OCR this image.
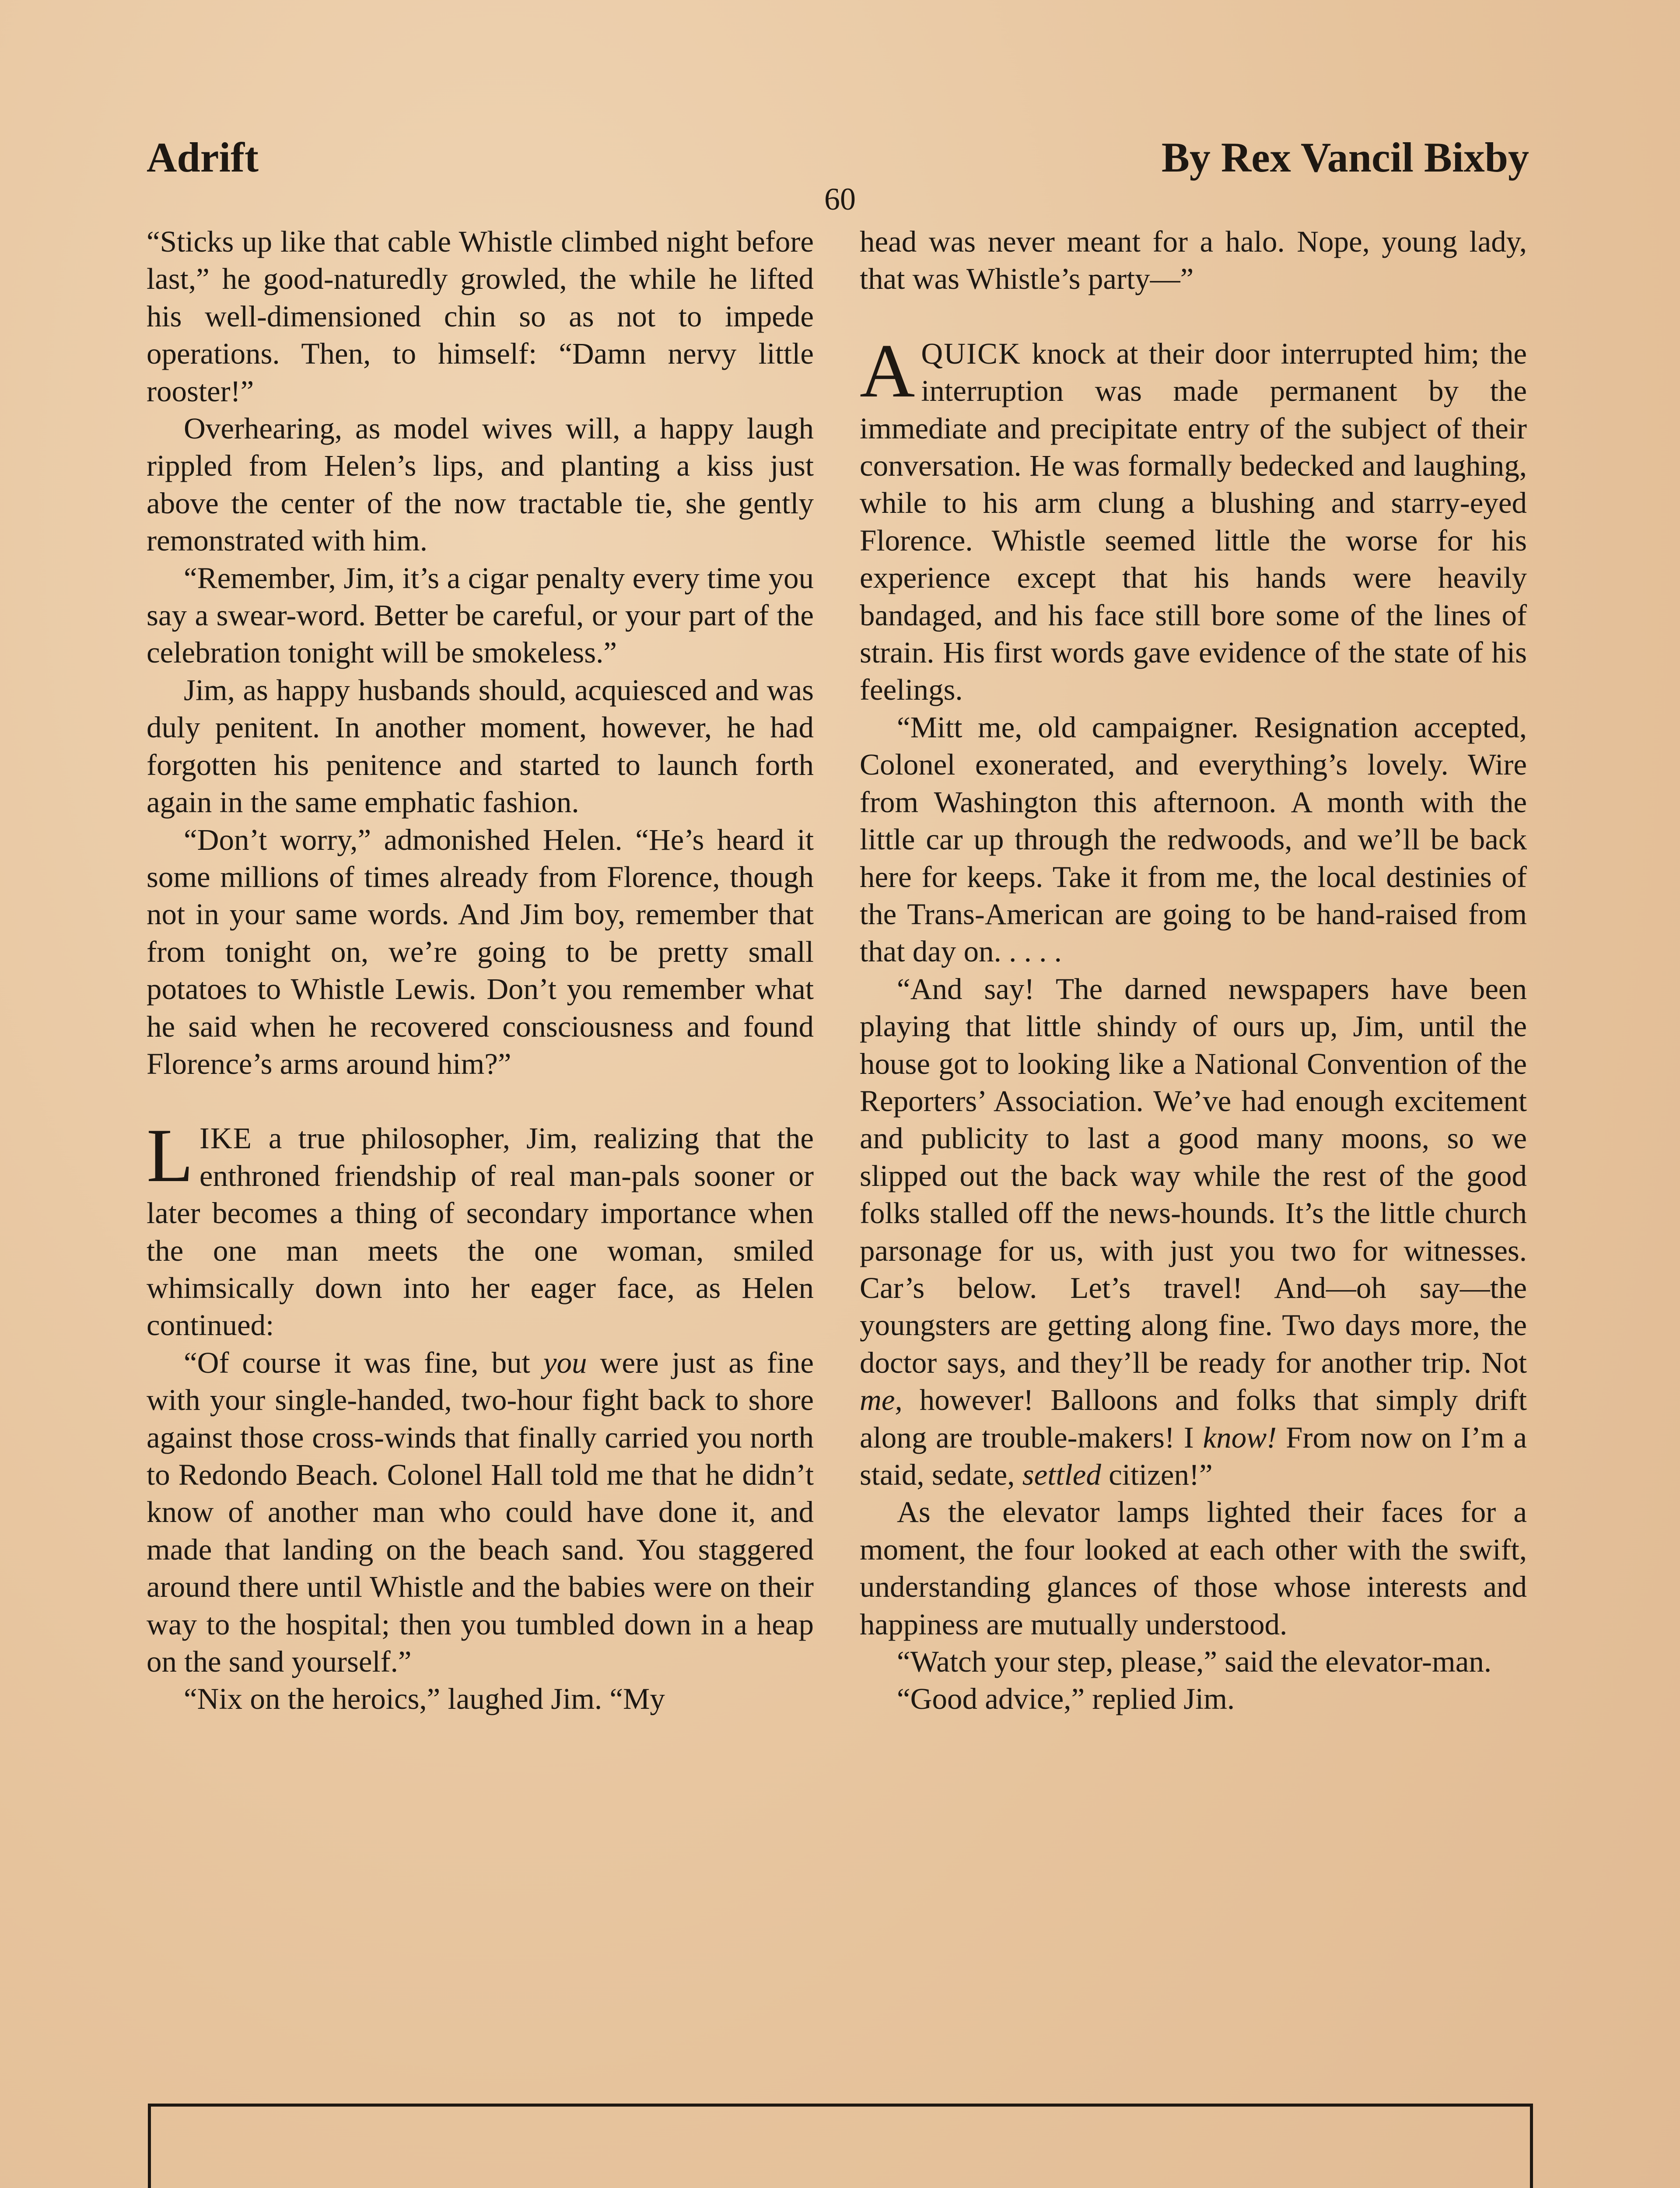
Adrift	By Rex Vancil Bixby
60

“Sticks up like that cable Whistle climbed night before last,” he good-naturedly growled, the while he lifted his well-dimensioned chin so as not to impede operations. Then, to himself: “Damn nervy little rooster!”

Overhearing, as model wives will, a happy laugh rippled from Helen’s lips, and planting a kiss just above the center of the now tractable tie, she gently remonstrated with him.

“Remember, Jim, it’s a cigar penalty every time you say a swear-word. Better be careful, or your part of the celebration tonight will be smokeless.”

Jim, as happy husbands should, acquiesced and was duly penitent. In another moment, however, he had forgotten his penitence and started to launch forth again in the same emphatic fashion.

“Don’t worry,” admonished Helen. “He’s heard it some millions of times already from Florence, though not in your same words. And Jim boy, remember that from tonight on, we’re going to be pretty small potatoes to Whistle Lewis. Don’t you remember what he said when he recovered consciousness and found Florence’s arms around him?”

LIKE a true philosopher, Jim, realizing that the enthroned friendship of real man-pals sooner or later becomes a thing of secondary importance when the one man meets the one woman, smiled whimsically down into her eager face, as Helen continued:

“Of course it was fine, but you were just as fine with your single-handed, two-hour fight back to shore against those cross-winds that finally carried you north to Redondo Beach. Colonel Hall told me that he didn’t know of another man who could have done it, and made that landing on the beach sand. You staggered around there until Whistle and the babies were on their way to the hospital; then you tumbled down in a heap on the sand yourself.”

“Nix on the heroics,” laughed Jim. “My

head was never meant for a halo. Nope, young lady, that was Whistle’s party—”

AQUICK knock at their door interrupted him; the interruption was made permanent by the immediate and precipitate entry of the subject of their conversation. He was formally bedecked and laughing, while to his arm clung a blushing and starry-eyed Florence. Whistle seemed little the worse for his experience except that his hands were heavily bandaged, and his face still bore some of the lines of strain. His first words gave evidence of the state of his feelings.

“Mitt me, old campaigner. Resignation accepted, Colonel exonerated, and everything’s lovely. Wire from Washington this afternoon. A month with the little car up through the redwoods, and we’ll be back here for keeps. Take it from me, the local destinies of the Trans-American are going to be hand-raised from that day on. . . . .

“And say! The darned newspapers have been playing that little shindy of ours up, Jim, until the house got to looking like a National Convention of the Reporters’ Association. We’ve had enough excitement and publicity to last a good many moons, so we slipped out the back way while the rest of the good folks stalled off the news-hounds. It’s the little church parsonage for us, with just you two for witnesses. Car’s below. Let’s travel! And—oh say—the youngsters are getting along fine. Two days more, the doctor says, and they’ll be ready for another trip. Not me, however! Balloons and folks that simply drift along are trouble-makers! I know! From now on I’m a staid, sedate, settled citizen!”

As the elevator lamps lighted their faces for a moment, the four looked at each other with the swift, understanding glances of those whose interests and happiness are mutually understood.

“Watch your step, please,” said the elevator-man.

“Good advice,” replied Jim.
